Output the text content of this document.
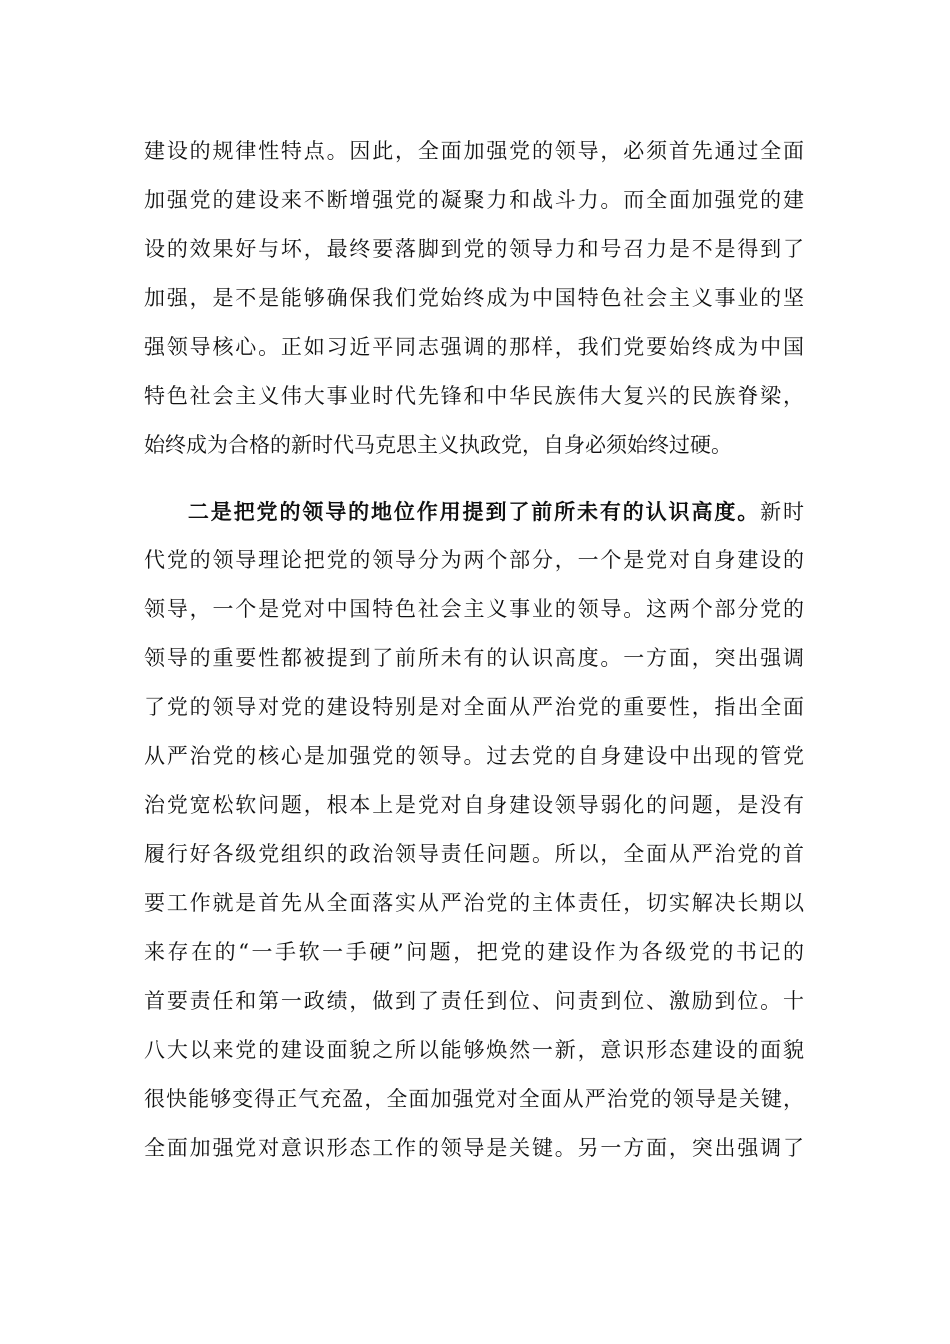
建设的规律性特点。因此，全面加强党的领导，必须首先通过全面
加强党的建设来不断增强党的凝聚力和战斗力。而全面加强党的建
设的效果好与坏，最终要落脚到党的领导力和号召力是不是得到了
加强，是不是能够确保我们党始终成为中国特色社会主义事业的坚
强领导核心。正如习近平同志强调的那样，我们党要始终成为中国
特色社会主义伟大事业时代先锋和中华民族伟大复兴的民族脊梁，
始终成为合格的新时代马克思主义执政党，自身必须始终过硬。
二是把党的领导的地位作用提到了前所未有的认识高度。新时
代党的领导理论把党的领导分为两个部分，一个是党对自身建设的
领导，一个是党对中国特色社会主义事业的领导。这两个部分党的
领导的重要性都被提到了前所未有的认识高度。一方面，突出强调
了党的领导对党的建设特别是对全面从严治党的重要性，指出全面
从严治党的核心是加强党的领导。过去党的自身建设中出现的管党
治党宽松软问题，根本上是党对自身建设领导弱化的问题，是没有
履行好各级党组织的政治领导责任问题。所以，全面从严治党的首
要工作就是首先从全面落实从严治党的主体责任，切实解决长期以
来存在的“一手软一手硬”问题，把党的建设作为各级党的书记的
首要责任和第一政绩，做到了责任到位、问责到位、激励到位。十
八大以来党的建设面貌之所以能够焕然一新，意识形态建设的面貌
很快能够变得正气充盈，全面加强党对全面从严治党的领导是关键，
全面加强党对意识形态工作的领导是关键。另一方面，突出强调了
